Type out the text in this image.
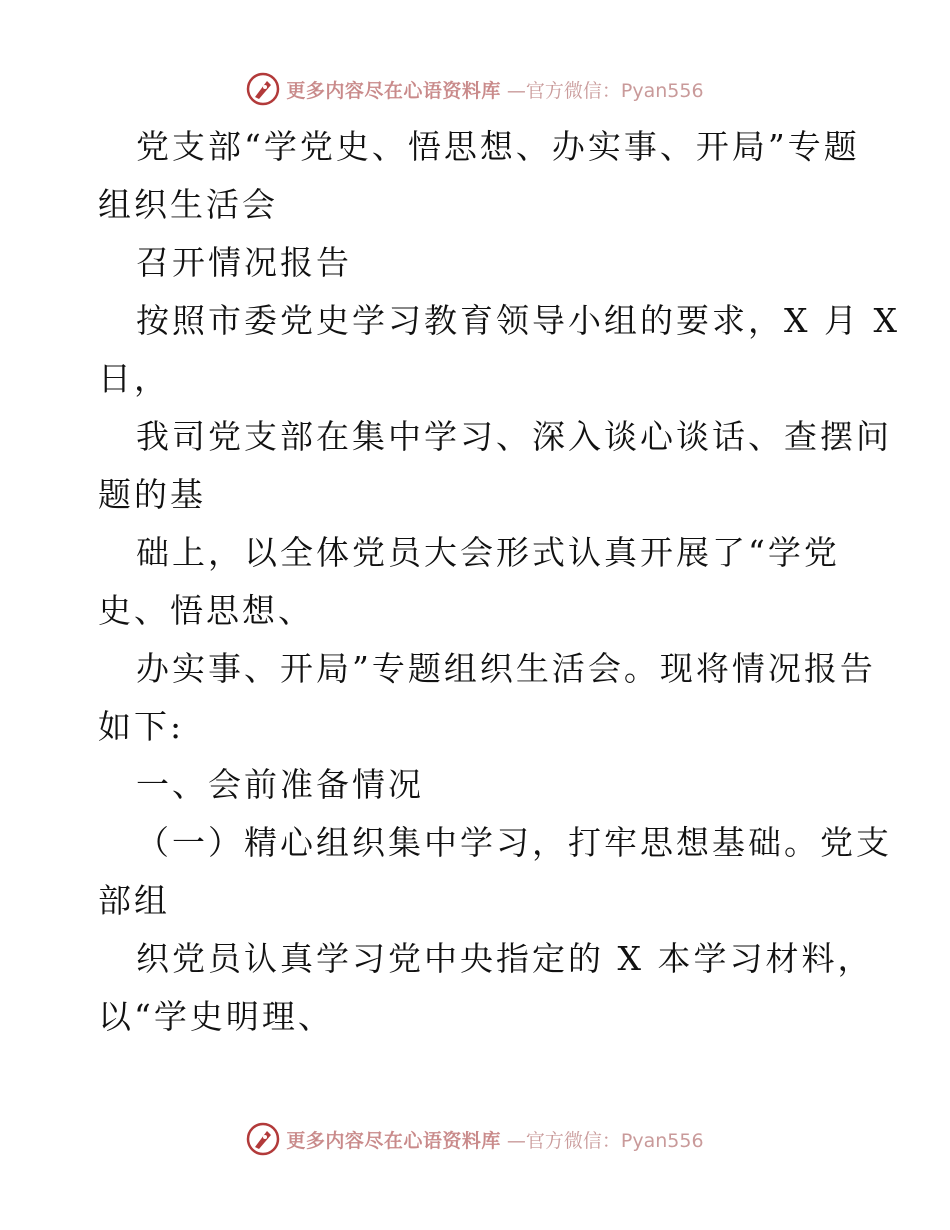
更多内容尽在心语资料库 —官方微信：Pyan556
党支部“学党史、悟思想、办实事、开局”专题
组织生活会
召开情况报告
按照市委党史学习教育领导小组的要求，X 月 X
日，
我司党支部在集中学习、深入谈心谈话、查摆问
题的基
础上，以全体党员大会形式认真开展了“学党
史、悟思想、
办实事、开局”专题组织生活会。现将情况报告
如下:
一、会前准备情况
（一）精心组织集中学习，打牢思想基础。党支
部组
织党员认真学习党中央指定的 X 本学习材料，
以“学史明理、
更多内容尽在心语资料库 —官方微信：Pyan556
